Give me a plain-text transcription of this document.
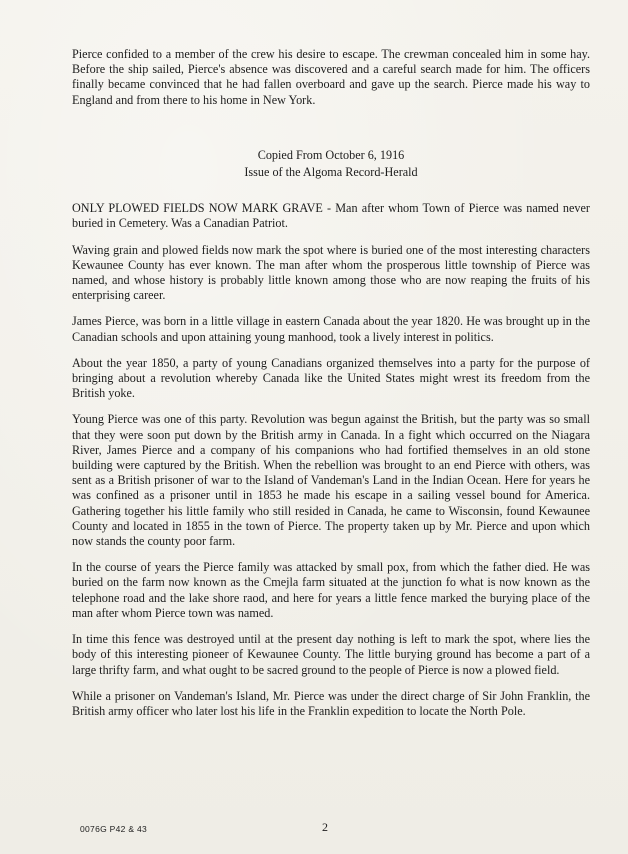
Pierce confided to a member of the crew his desire to escape. The crewman concealed him in some hay. Before the ship sailed, Pierce's absence was discovered and a careful search made for him. The officers finally became convinced that he had fallen overboard and gave up the search. Pierce made his way to England and from there to his home in New York.

Copied From October 6, 1916
Issue of the Algoma Record-Herald

ONLY PLOWED FIELDS NOW MARK GRAVE - Man after whom Town of Pierce was named never buried in Cemetery. Was a Canadian Patriot.

Waving grain and plowed fields now mark the spot where is buried one of the most interesting characters Kewaunee County has ever known. The man after whom the prosperous little township of Pierce was named, and whose history is probably little known among those who are now reaping the fruits of his enterprising career.

James Pierce, was born in a little village in eastern Canada about the year 1820. He was brought up in the Canadian schools and upon attaining young manhood, took a lively interest in politics.

About the year 1850, a party of young Canadians organized themselves into a party for the purpose of bringing about a revolution whereby Canada like the United States might wrest its freedom from the British yoke.

Young Pierce was one of this party. Revolution was begun against the British, but the party was so small that they were soon put down by the British army in Canada. In a fight which occurred on the Niagara River, James Pierce and a company of his companions who had fortified themselves in an old stone building were captured by the British. When the rebellion was brought to an end Pierce with others, was sent as a British prisoner of war to the Island of Vandeman's Land in the Indian Ocean. Here for years he was confined as a prisoner until in 1853 he made his escape in a sailing vessel bound for America. Gathering together his little family who still resided in Canada, he came to Wisconsin, found Kewaunee County and located in 1855 in the town of Pierce. The property taken up by Mr. Pierce and upon which now stands the county poor farm.

In the course of years the Pierce family was attacked by small pox, from which the father died. He was buried on the farm now known as the Cmejla farm situated at the junction fo what is now known as the telephone road and the lake shore raod, and here for years a little fence marked the burying place of the man after whom Pierce town was named.

In time this fence was destroyed until at the present day nothing is left to mark the spot, where lies the body of this interesting pioneer of Kewaunee County. The little burying ground has become a part of a large thrifty farm, and what ought to be sacred ground to the people of Pierce is now a plowed field.

While a prisoner on Vandeman's Island, Mr. Pierce was under the direct charge of Sir John Franklin, the British army officer who later lost his life in the Franklin expedition to locate the North Pole.

0076G P42 & 43	2
